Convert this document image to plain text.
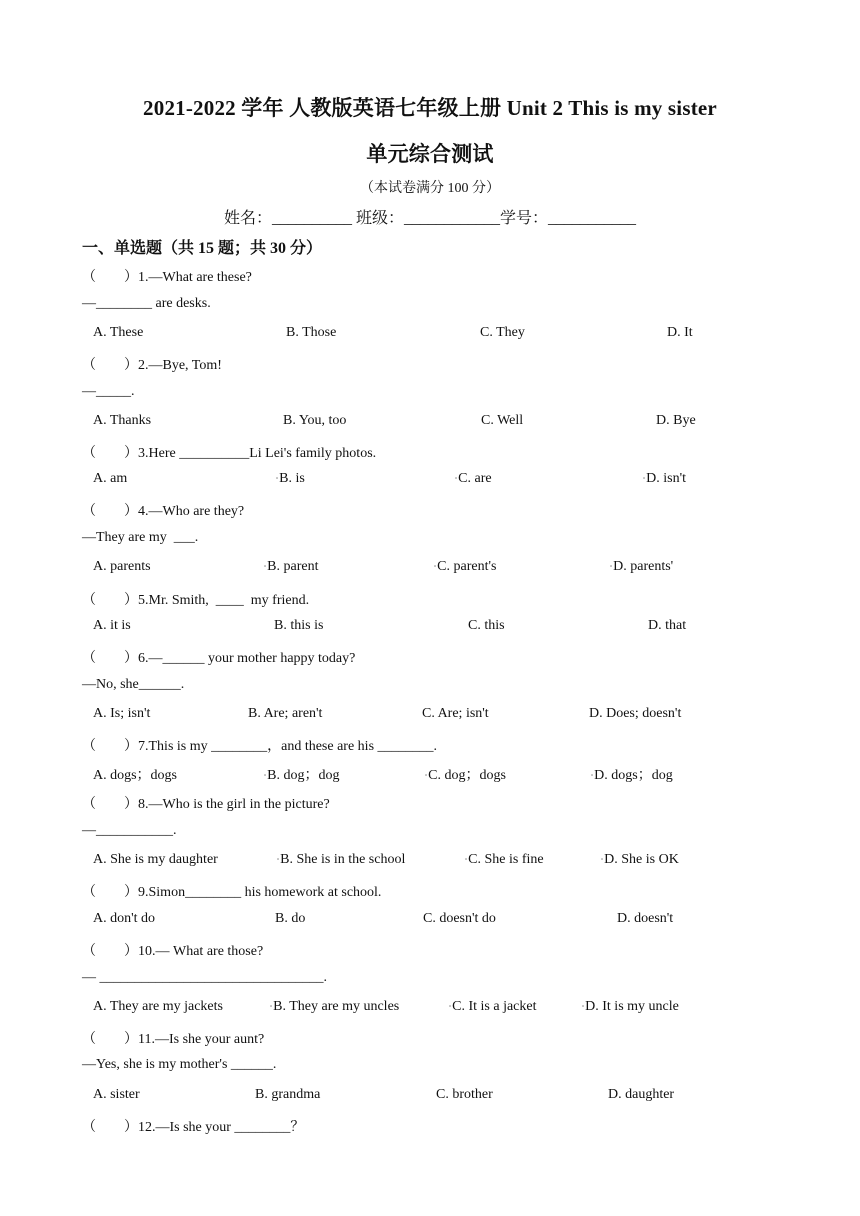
2021-2022 学年 人教版英语七年级上册 Unit 2 This is my sister
单元综合测试
（本试卷满分 100 分）
姓名：__________ 班级：____________学号：___________
一、单选题（共 15 题；共 30 分）
（        ）1.—What are these?
—________ are desks.
A. These	B. Those	C. They	D. It
（        ）2.—Bye, Tom!
—_____.
A. Thanks	B. You, too	C. Well	D. Bye
（        ）3.Here __________Li Lei's family photos.
A. am	▫B. is	▫C. are	▫D. isn't
（        ）4.—Who are they?
—They are my  ___.
A. parents	▫B. parent	▫C. parent's	▫D. parents'
（        ）5.Mr. Smith,  ____  my friend.
A. it is	B. this is	C. this	D. that
（        ）6.—______ your mother happy today?
—No, she______.
A. Is; isn't	B. Are; aren't	C. Are; isn't	D. Does; doesn't
（        ）7.This is my ________，and these are his ________.
A. dogs；dogs	▫B. dog；dog	▫C. dog；dogs	▫D. dogs；dog
（        ）8.—Who is the girl in the picture?
—___________.
A. She is my daughter	▫B. She is in the school	▫C. She is fine	▫D. She is OK
（        ）9.Simon________ his homework at school.
A. don't do	B. do	C. doesn't do	D. doesn't
（        ）10.— What are those?
— ________________________________.
A. They are my jackets	▫B. They are my uncles	▫C. It is a jacket	▫D. It is my uncle
（        ）11.—Is she your aunt?
—Yes, she is my mother's ______.
A. sister	B. grandma	C. brother	D. daughter
（        ）12.—Is she your ________？
